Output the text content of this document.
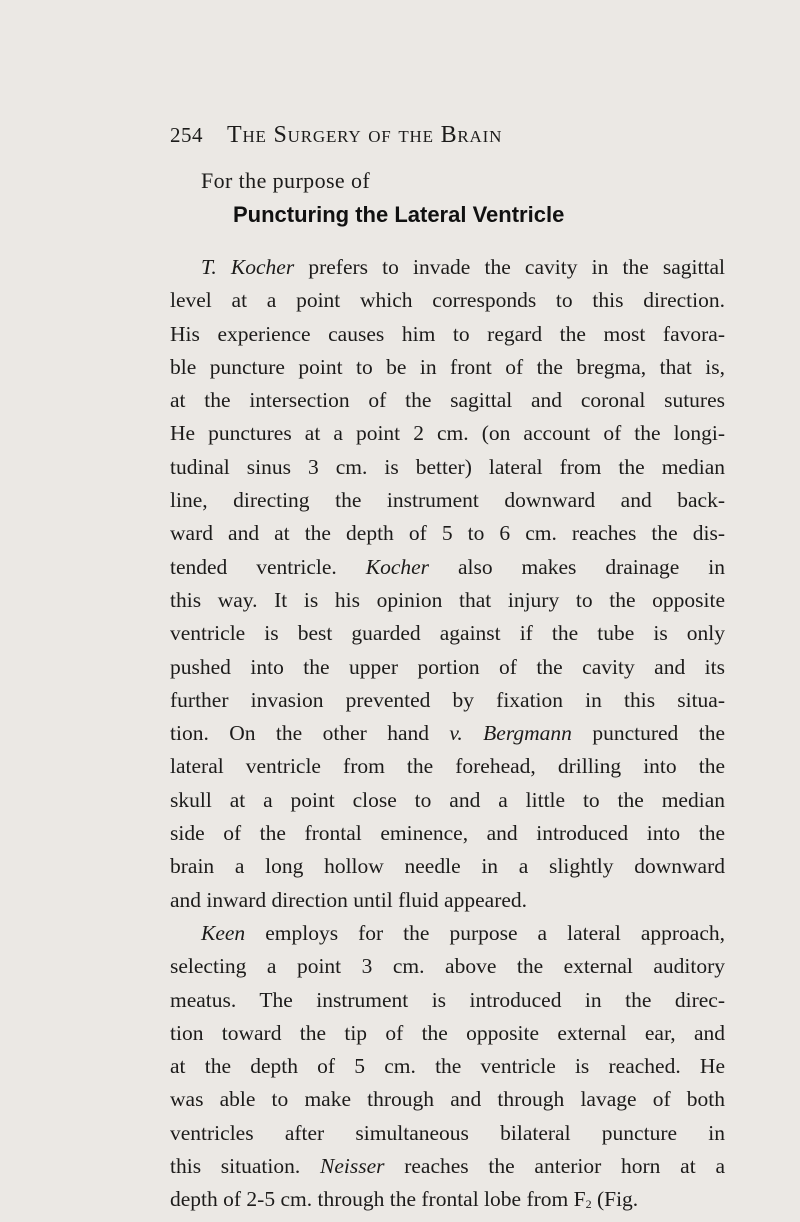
254 The Surgery of the Brain
For the purpose of
Puncturing the Lateral Ventricle
T. Kocher prefers to invade the cavity in the sagittal
level at a point which corresponds to this direction.
His experience causes him to regard the most favora-
ble puncture point to be in front of the bregma, that is,
at the intersection of the sagittal and coronal sutures
He punctures at a point 2 cm. (on account of the longi-
tudinal sinus 3 cm. is better) lateral from the median
line, directing the instrument downward and back-
ward and at the depth of 5 to 6 cm. reaches the dis-
tended ventricle. Kocher also makes drainage in
this way. It is his opinion that injury to the opposite
ventricle is best guarded against if the tube is only
pushed into the upper portion of the cavity and its
further invasion prevented by fixation in this situa-
tion. On the other hand v. Bergmann punctured the
lateral ventricle from the forehead, drilling into the
skull at a point close to and a little to the median
side of the frontal eminence, and introduced into the
brain a long hollow needle in a slightly downward
and inward direction until fluid appeared.
Keen employs for the purpose a lateral approach,
selecting a point 3 cm. above the external auditory
meatus. The instrument is introduced in the direc-
tion toward the tip of the opposite external ear, and
at the depth of 5 cm. the ventricle is reached. He
was able to make through and through lavage of both
ventricles after simultaneous bilateral puncture in
this situation. Neisser reaches the anterior horn at a
depth of 2-5 cm. through the frontal lobe from F2 (Fig.
